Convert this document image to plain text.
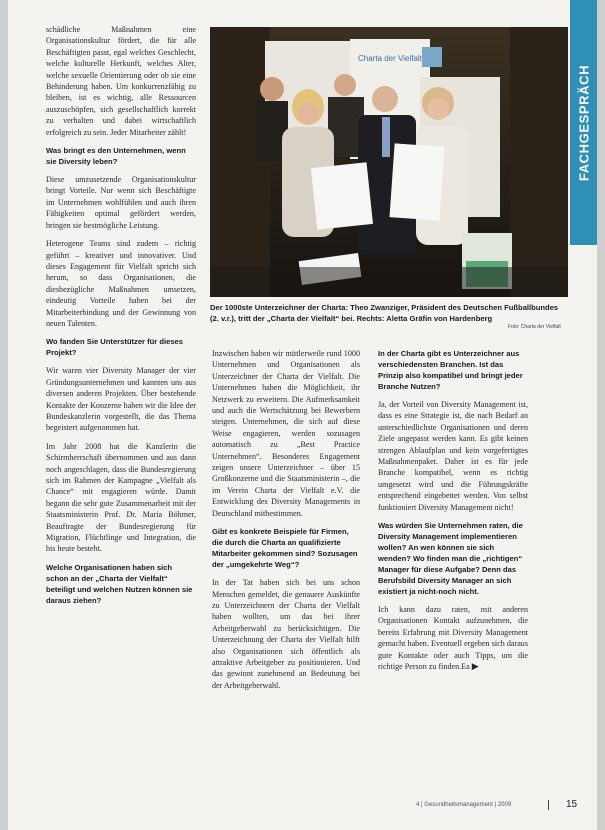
FACHGESPRÄCH

schädliche Maßnahmen eine Organisationskultur fördert, die für alle Beschäftigten passt, egal welches Geschlecht, welche kulturelle Herkunft, welches Alter, welche sexuelle Orientierung oder ob sie eine Behinderung haben. Um konkurrenzfähig zu bleiben, ist es wichtig, alle Ressourcen auszuschöpfen, sich gesellschaftlich korrekt zu verhalten und dabei wirtschaftlich erfolgreich zu sein. Jeder Mitarbeiter zählt!

Was bringt es den Unternehmen, wenn sie Diversity leben?

Diese umzusetzende Organisationskultur bringt Vorteile. Nur wenn sich Beschäftigte im Unternehmen wohlfühlen und auch ihren Fähigkeiten optimal gefördert werden, bringen sie bestmögliche Leistung.

Heterogene Teams sind zudem – richtig geführt – kreativer und innovativer. Und dieses Engagement für Vielfalt spricht sich herum, so dass Organisationen, die diesbezügliche Maßnahmen umsetzen, eindeutig Vorteile haben bei der Mitarbeiterbindung und der Gewinnung von neuen Talenten.

Wo fanden Sie Unterstützer für dieses Projekt?

Wir waren vier Diversity Manager der vier Gründungsunternehmen und kannten uns aus diversen anderen Projekten. Über bestehende Kontakte der Konzerne haben wir die Idee der Bundeskanzlerin vorgestellt, die das Thema begeistert aufgenommen hat.

Im Jahr 2008 hat die Kanzlerin die Schirmherrschaft übernommen und aus dann noch angeschlagen, dass die Bundesregierung sich im Rahmen der Kampagne „Vielfalt als Chance“ mit engagieren würde. Damit begann die sehr gute Zusammenarbeit mit der Staatsministerin Prof. Dr. Maria Böhmer, Beauftragte der Bundesregierung für Migration, Flüchtlinge und Integration, die bis heute besteht.

Welche Organisationen haben sich schon an der „Charta der Vielfalt“ beteiligt und welchen Nutzen können sie daraus ziehen?
Charta der Vielfalt
Der 1000ste Unterzeichner der Charta: Theo Zwanziger, Präsident des Deutschen Fußballbundes (2. v.r.), tritt der „Charta der Vielfalt“ bei. Rechts: Aletta Gräfin von Hardenberg
Foto: Charta der Vielfalt

Inzwischen haben wir mittlerweile rund 1000 Unternehmen und Organisationen als Unterzeichner der Charta der Vielfalt. Die Unternehmen haben die Möglichkeit, ihr Netzwerk zu erweitern. Die Aufmerksamkeit und auch die Wertschätzung bei Bewerbern steigen. Unternehmen, die sich auf diese Weise engagieren, werden sozusagen automatisch zu „Best Practice Unternehmen“. Besonderes Engagement zeigen unsere Unterzeichner – über 15 Großkonzerne und die Staatsministerin –, die im Verein Charta der Vielfalt e.V. die Entwicklung des Diversity Managements in Deutschland mitbestimmen.

Gibt es konkrete Beispiele für Firmen, die durch die Charta an qualifizierte Mitarbeiter gekommen sind? Sozusagen der „umgekehrte Weg“?

In der Tat haben sich bei uns schon Menschen gemeldet, die genauere Auskünfte zu Unterzeichnern der Charta der Vielfalt haben wollten, um das bei ihrer Arbeitgeberwahl zu berücksichtigen. Die Unterzeichnung der Charta der Vielfalt hilft also Organisationen sich öffentlich als attraktive Arbeitgeber zu positionieren. Und das gewinnt zunehmend an Bedeutung bei der Arbeitgeberwahl.

In der Charta gibt es Unterzeichner aus verschiedensten Branchen. Ist das Prinzip also kompatibel und bringt jeder Branche Nutzen?

Ja, der Vorteil von Diversity Management ist, dass es eine Strategie ist, die nach Bedarf an unterschiedlichste Organisationen und deren Ziele angepasst werden kann. Es gibt keinen strengen Ablaufplan und kein vorgefertigtes Maßnahmenpaket. Daher ist es für jede Branche kompatibel, wenn es richtig umgesetzt wird und die Führungskräfte entsprechend eingebettet werden. Von selbst funktioniert Diversity Management nicht!

Was würden Sie Unternehmen raten, die Diversity Management implementieren wollen? An wen können sie sich wenden? Wo finden man die „richtigen“ Manager für diese Aufgabe? Denn das Berufsbild Diversity Manager an sich existiert ja nicht-noch nicht.

Ich kann dazu raten, mit anderen Organisationen Kontakt aufzunehmen, die bereits Erfahrung mit Diversity Management gemacht haben. Eventuell ergeben sich daraus gute Kontakte oder auch Tipps, um die richtige Person zu finden.Ea ▶

4 | Gesundheitsmanagement | 2009	15
